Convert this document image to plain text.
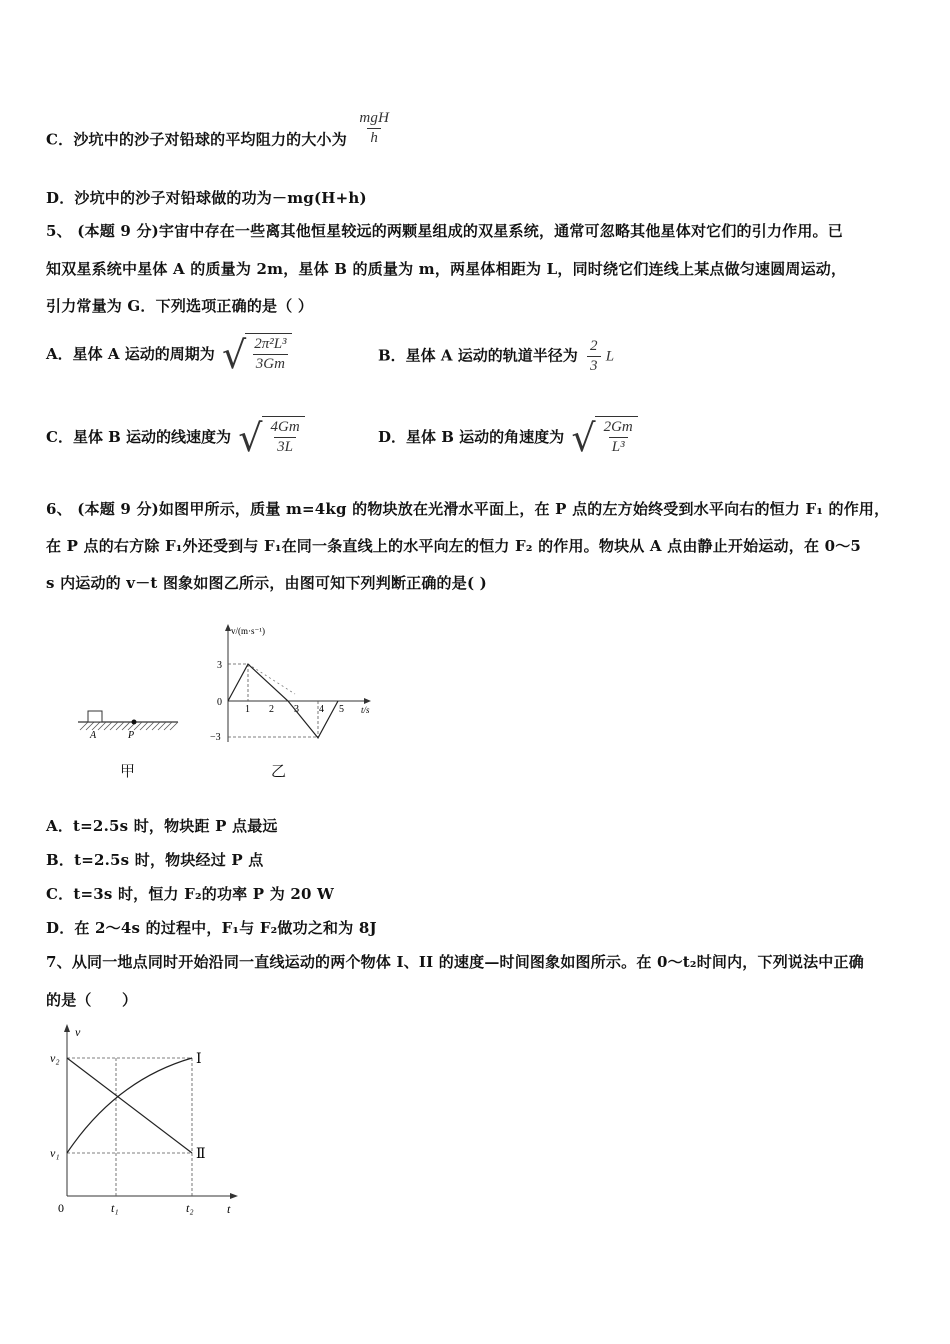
C．沙坑中的沙子对铅球的平均阻力的大小为 $\frac{\text{mgH}}{h}$
D．沙坑中的沙子对铅球做的功为－mg(H+h)
5、 (本题 9 分)宇宙中存在一些离其他恒星较远的两颗星组成的双星系统，通常可忽略其他星体对它们的引力作用。已
知双星系统中星体 A 的质量为 2m，星体 B 的质量为 m，两星体相距为 L，同时绕它们连线上某点做匀速圆周运动，
引力常量为 G．下列选项正确的是（ ）
A．星体 A 运动的周期为 √ $\frac{\text{2π²L³}}{3Gm}$	B．星体 A 运动的轨道半径为 $\frac{2}{3}$ L
C．星体 B 运动的线速度为 √ $\frac{4Gm}{3L}$	D．星体 B 运动的角速度为 √ $\frac{2Gm}{\text{L³}}$
6、 (本题 9 分)如图甲所示，质量 m=4kg 的物块放在光滑水平面上，在 P 点的左方始终受到水平向右的恒力 F₁ 的作用，
在 P 点的右方除 F₁外还受到与 F₁在同一条直线上的水平向左的恒力 F₂ 的作用。物块从 A 点由静止开始运动，在 0～5
s 内运动的 v－t 图象如图乙所示，由图可知下列判断正确的是( )
A	P
甲
v/(m·s⁻¹)
t/s
3
0
−3
1 2 3 4 5
乙
A．t=2.5s 时，物块距 P 点最远
B．t=2.5s 时，物块经过 P 点
C．t=3s 时，恒力 F₂的功率 P 为 20 W
D．在 2～4s 的过程中，F₁与 F₂做功之和为 8J
7、从同一地点同时开始沿同一直线运动的两个物体 I、II 的速度—时间图象如图所示。在 0～t₂时间内，下列说法中正确
的是（　　）
v
t
v₂
v₁
0	t₁	t₂
Ⅰ
Ⅱ
